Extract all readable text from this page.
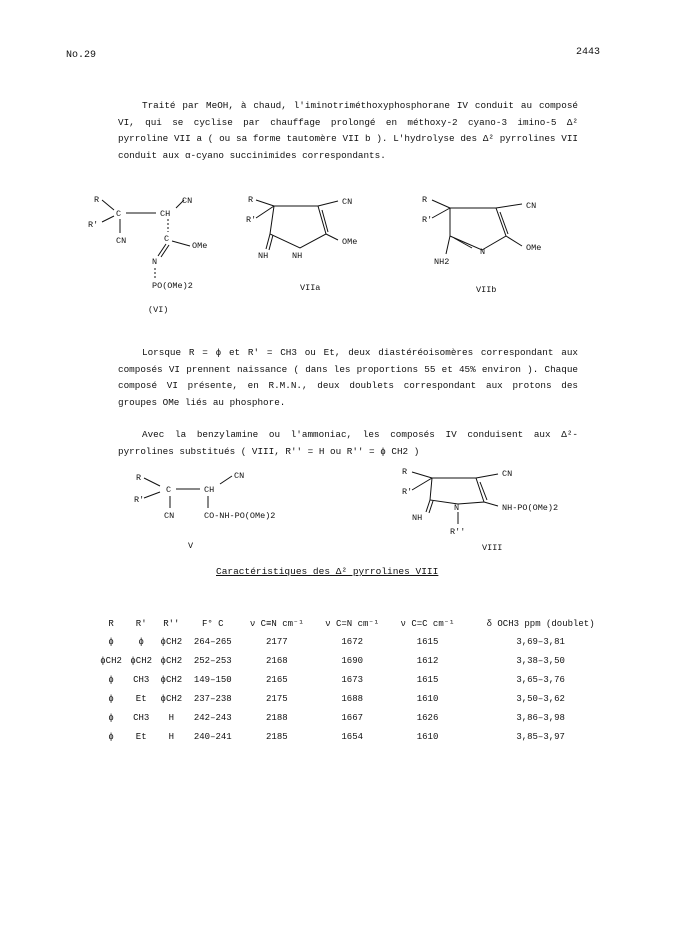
No.29	2443

Traité par MeOH, à chaud, l'iminotriméthoxyphosphorane IV conduit au composé VI, qui se cyclise par chauffage prolongé en méthoxy-2 cyano-3 imino-5 Δ² pyrroline VII a ( ou sa forme tautomère VII b ). L'hydrolyse des Δ² pyrrolines VII conduit aux α-cyano succinimides correspondants.

R
R'
C	CH
CN
CN	C
OMe
N
PO(OMe)2
(VI)
R
R'
CN
OMe
NH	NH
VIIa
R
R'
CN
OMe
NH2
N
VIIb

Lorsque R = ϕ et R' = CH3 ou Et, deux diastéréoisomères correspondant aux composés VI prennent naissance ( dans les proportions 55 et 45% environ ). Chaque composé VI présente, en R.M.N., deux doublets correspondant aux protons des groupes OMe liés au phosphore.

Avec la benzylamine ou l'ammoniac, les composés IV conduisent aux Δ²-pyrrolines substitués ( VIII, R'' = H ou R'' = ϕ CH2 )

R
R'
C	CH
CN
CN	CO-NH-PO(OMe)2
V
R
R'
CN
NH-PO(OMe)2
NH
N
R''
VIII
Caractéristiques des Δ² pyrrolines VIII
R	R'	R''	F° C	ν C≡N cm⁻¹	ν C=N cm⁻¹	ν C=C cm⁻¹	δ OCH3 ppm (doublet)
ϕ	ϕ	ϕCH2	264–265	2177	1672	1615	3,69–3,81
ϕCH2	ϕCH2	ϕCH2	252–253	2168	1690	1612	3,38–3,50
ϕ	CH3	ϕCH2	149–150	2165	1673	1615	3,65–3,76
ϕ	Et	ϕCH2	237–238	2175	1688	1610	3,50–3,62
ϕ	CH3	H	242–243	2188	1667	1626	3,86–3,98
ϕ	Et	H	240–241	2185	1654	1610	3,85–3,97
